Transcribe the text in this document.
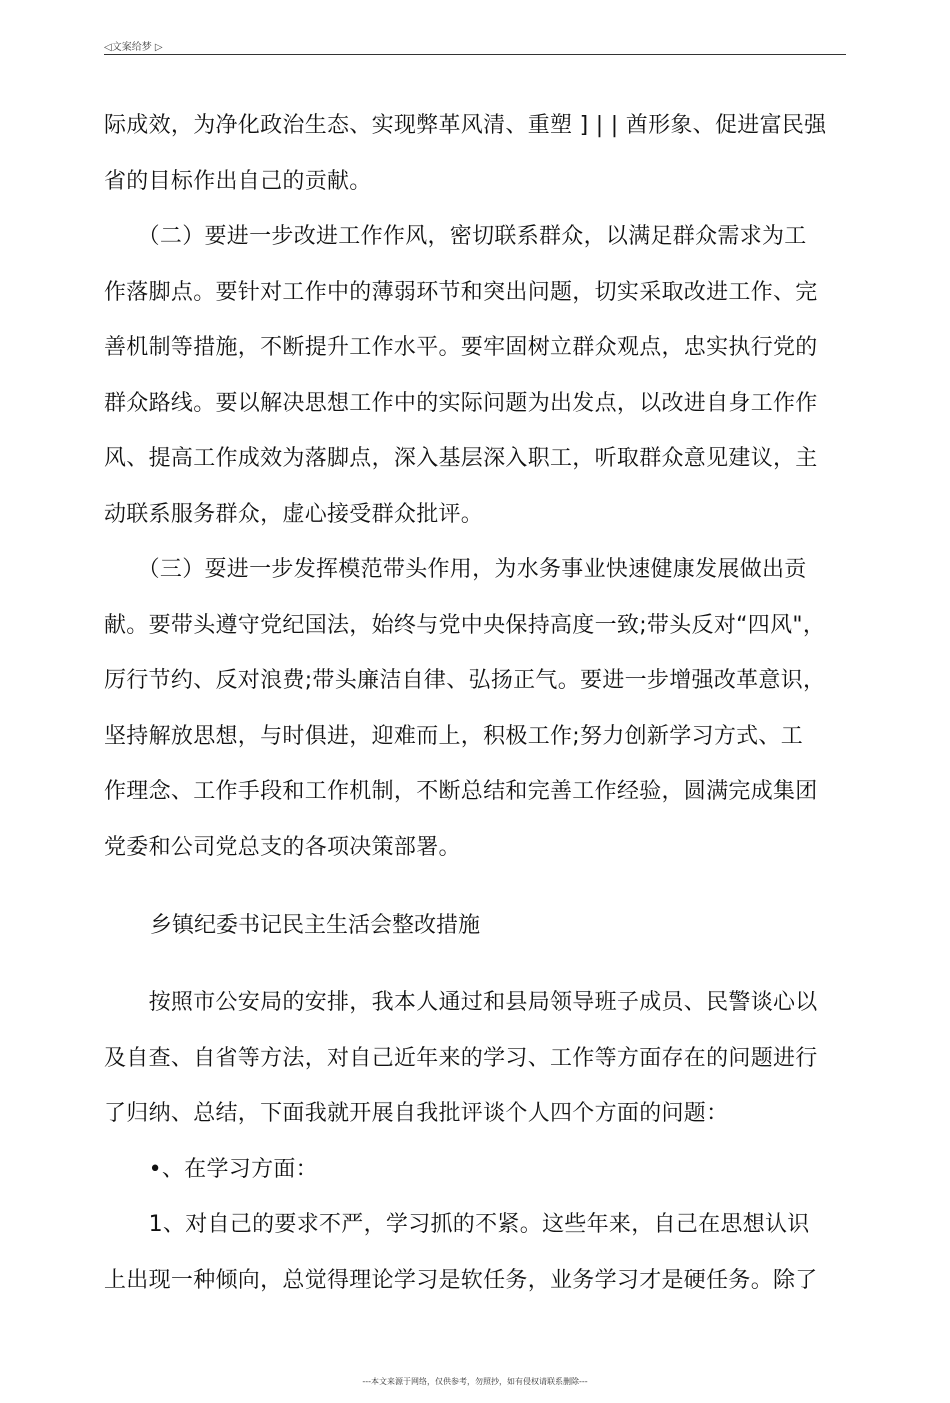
◁文案给梦 ▷
际成效，为净化政治生态、实现弊革风清、重塑 ] | | 酋形象、促进富民强
省的目标作出自己的贡献。
　　（二）要进一步改进工作作风，密切联系群众，以满足群众需求为工
作落脚点。要针对工作中的薄弱环节和突出问题，切实采取改进工作、完
善机制等措施，不断提升工作水平。要牢固树立群众观点，忠实执行党的
群众路线。要以解决思想工作中的实际问题为出发点，以改进自身工作作
风、提高工作成效为落脚点，深入基层深入职工，听取群众意见建议，主
动联系服务群众，虚心接受群众批评。
　　（三）耍进一步发挥模范带头作用，为水务事业快速健康发展做出贡
献。要带头遵守党纪国法，始终与党中央保持高度一致;带头反对“四风"，
厉行节约、反对浪费;带头廉洁自律、弘扬正气。要进一步增强改革意识，
坚持解放思想，与时俱进，迎难而上，积极工作;努力创新学习方式、工
作理念、工作手段和工作机制，不断总结和完善工作经验，圆满完成集团
党委和公司党总支的各项决策部署。
乡镇纪委书记民主生活会整改措施
　　按照市公安局的安排，我本人通过和县局领导班子成员、民警谈心以
及自查、自省等方法，对自己近年来的学习、工作等方面存在的问题进行
了归纳、总结，下面我就开展自我批评谈个人四个方面的问题：
　　•、在学习方面：
　　1、对自己的要求不严，学习抓的不紧。这些年来，自己在思想认识
上出现一种倾向，总觉得理论学习是软任务，业务学习才是硬任务。除了
---本文来源于网络，仅供参考，勿照抄，如有侵权请联系删除---
